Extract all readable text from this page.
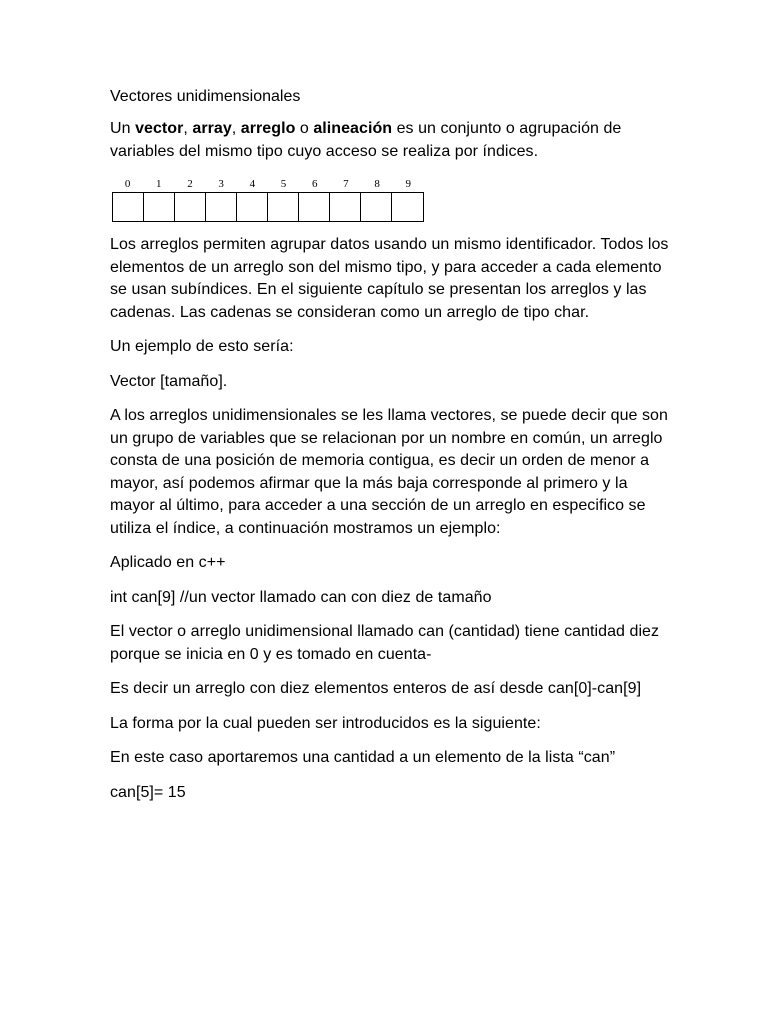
Vectores unidimensionales

Un vector, array, arreglo o alineación es un conjunto o agrupación de variables del mismo tipo cuyo acceso se realiza por índices.

0	1	2	3	4	5	6	7	8	9

Los arreglos permiten agrupar datos usando un mismo identificador. Todos los elementos de un arreglo son del mismo tipo, y para acceder a cada elemento se usan subíndices. En el siguiente capítulo se presentan los arreglos y las cadenas. Las cadenas se consideran como un arreglo de tipo char.

Un ejemplo de esto sería:

Vector [tamaño].

A los arreglos unidimensionales se les llama vectores, se puede decir que son un grupo de variables que se relacionan por un nombre en común, un arreglo consta de una posición de memoria contigua, es decir un orden de menor a mayor, así podemos afirmar que la más baja corresponde al primero y la mayor al último, para acceder a una sección de un arreglo en especifico se utiliza el índice, a continuación mostramos un ejemplo:

Aplicado en c++

int can[9] //un vector llamado can con diez de tamaño

El vector o arreglo unidimensional llamado can (cantidad) tiene cantidad diez porque se inicia en 0 y es tomado en cuenta-

Es decir un arreglo con diez elementos enteros de así desde can[0]-can[9]

La forma por la cual pueden ser introducidos es la siguiente:

En este caso aportaremos una cantidad a un elemento de la lista “can”

can[5]= 15
